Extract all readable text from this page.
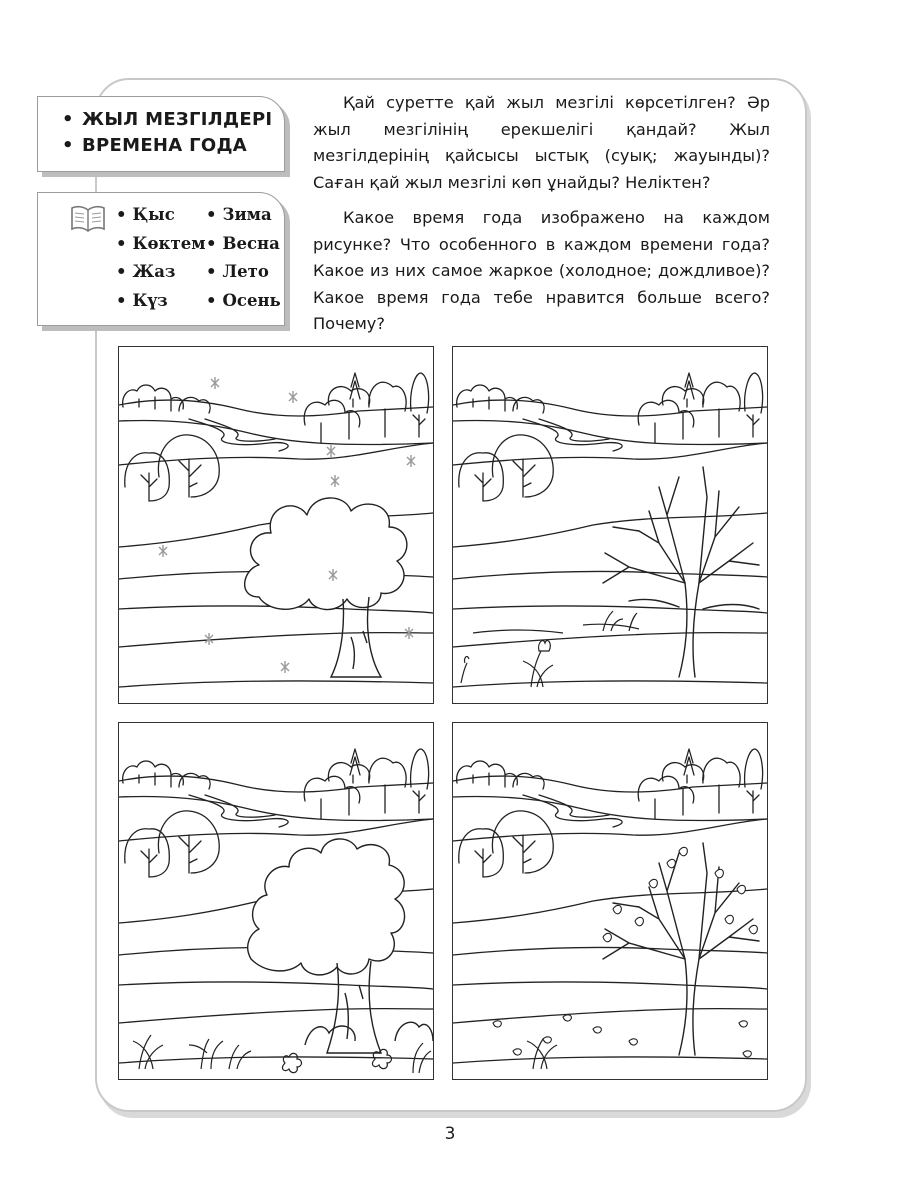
• ЖЫЛ МЕЗГІЛДЕРІ
• ВРЕМЕНА ГОДА
• Қыс
• Көктем
• Жаз
• Күз
• Зима
• Весна
• Лето
• Осень

Қай суретте қай жыл мезгілі көрсетілген? Әр жыл мезгілінің ерекшелігі қандай? Жыл мезгілдерінің қайсысы ыстық (суық; жауынды)? Саған қай жыл мезгілі көп ұнайды? Неліктен?

Какое время года изображено на каждом рисунке? Что особенного в каждом времени года? Какое из них самое жаркое (холодное; дождливое)? Какое время года тебе нравится больше всего? Почему?

3
